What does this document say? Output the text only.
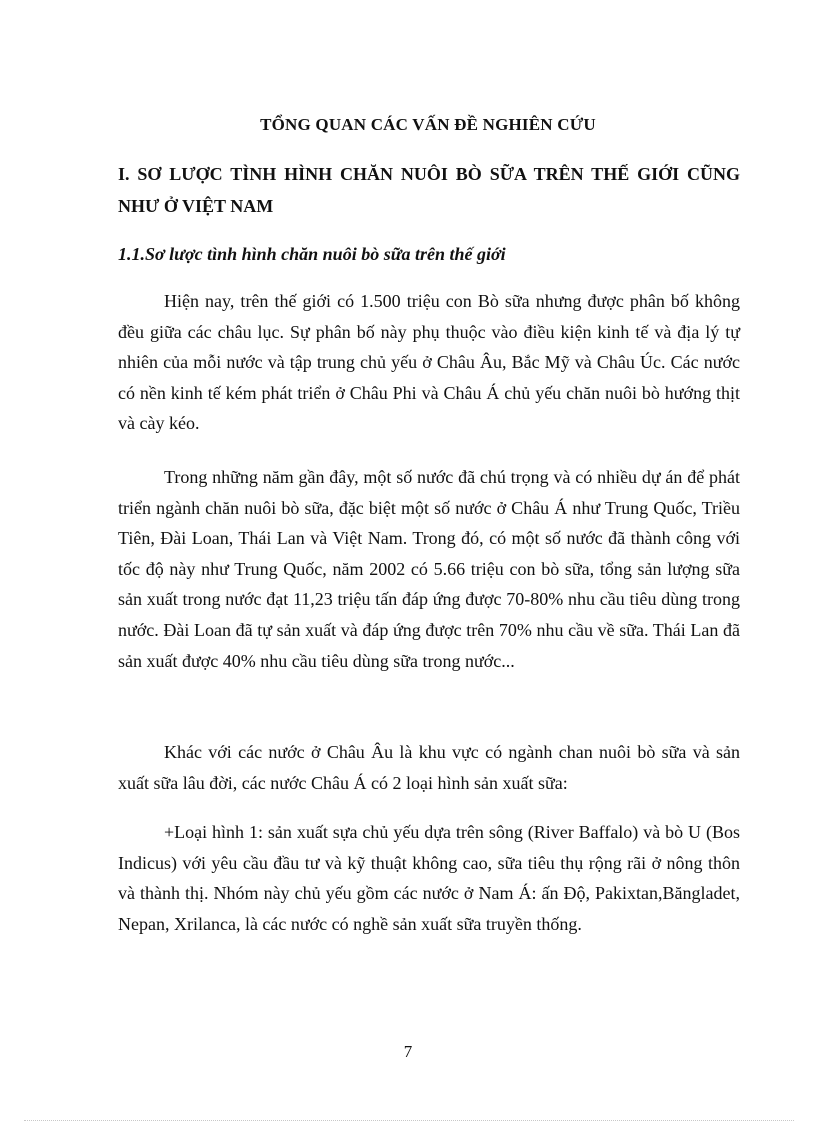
TỔNG QUAN CÁC VẤN ĐỀ NGHIÊN CỨU
I. SƠ LƯỢC TÌNH HÌNH CHĂN NUÔI BÒ SỮA TRÊN THẾ GIỚI CŨNG NHƯ Ở VIỆT NAM
1.1.Sơ lược tình hình chăn nuôi bò sữa trên thế giới

Hiện nay, trên thế giới có 1.500 triệu con Bò sữa nhưng được phân bố không đều giữa các châu lục. Sự phân bố này phụ thuộc vào điều kiện kinh tế và địa lý tự nhiên của mỗi nước và tập trung chủ yếu ở Châu Âu, Bắc Mỹ và Châu Úc. Các nước có nền kinh tế kém phát triển ở Châu Phi và Châu Á chủ yếu chăn nuôi bò hướng thịt và cày kéo.

Trong những năm gần đây, một số nước đã chú trọng và có nhiều dự án để phát triển ngành chăn nuôi bò sữa, đặc biệt một số nước ở Châu Á như Trung Quốc, Triều Tiên, Đài Loan, Thái Lan và Việt Nam. Trong đó, có một số nước đã thành công với tốc độ này như Trung Quốc, năm 2002 có 5.66 triệu con bò sữa, tổng sản lượng sữa sản xuất trong nước đạt 11,23 triệu tấn đáp ứng được 70-80% nhu cầu tiêu dùng trong nước. Đài Loan đã tự sản xuất và đáp ứng được trên 70% nhu cầu về sữa. Thái Lan đã sản xuất được 40% nhu cầu tiêu dùng sữa trong nước...

Khác với các nước ở Châu Âu là khu vực có ngành chan nuôi bò sữa và sản xuất sữa lâu đời, các nước Châu Á có 2 loại hình sản xuất sữa:

+Loại hình 1: sản xuất sựa chủ yếu dựa trên sông (River Baffalo) và bò U (Bos Indicus) với yêu cầu đầu tư và kỹ thuật không cao, sữa tiêu thụ rộng rãi ở nông thôn và thành thị. Nhóm này chủ yếu gồm các nước ở Nam Á: ấn Độ, Pakixtan,Băngladet, Nepan, Xrilanca, là các nước có nghề sản xuất sữa truyền thống.

7
